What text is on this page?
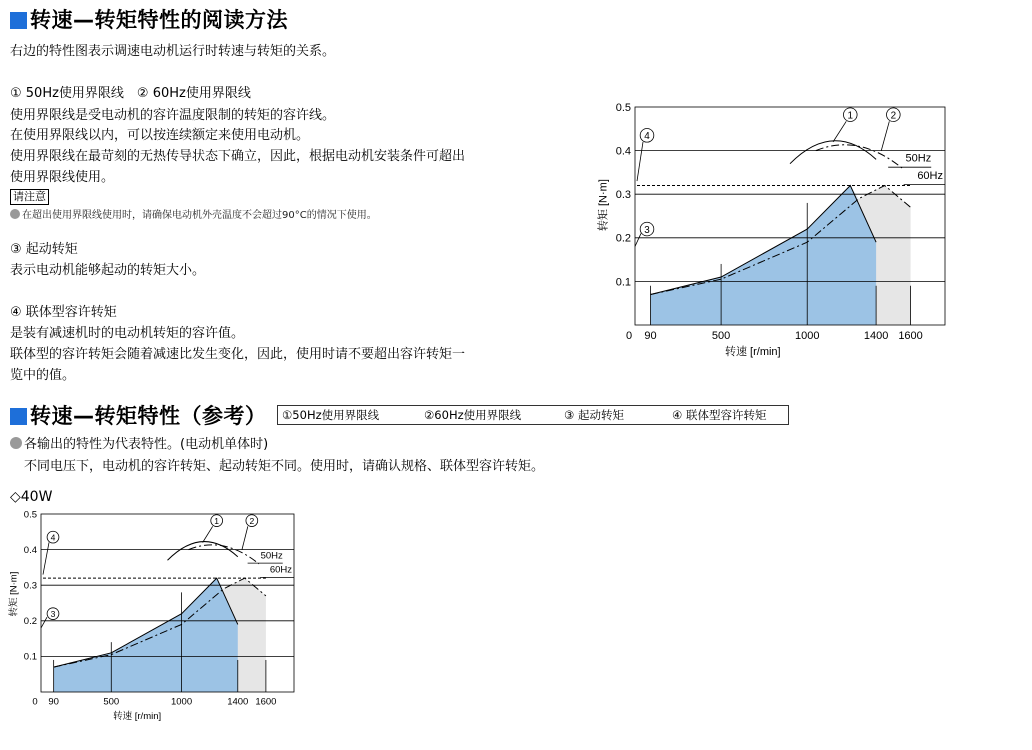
转速—转矩特性的阅读方法
右边的特性图表示调速电动机运行时转速与转矩的关系。
① 50Hz使用界限线　② 60Hz使用界限线
使用界限线是受电动机的容许温度限制的转矩的容许线。
在使用界限线以内，可以按连续额定来使用电动机。
使用界限线在最苛刻的无热传导状态下确立，因此，根据电动机安装条件可超出
使用界限线使用。
请注意
在超出使用界限线使用时，请确保电动机外壳温度不会超过90°C的情况下使用。
③ 起动转矩
表示电动机能够起动的转矩大小。
④ 联体型容许转矩
是装有减速机时的电动机转矩的容许值。
联体型的容许转矩会随着减速比发生变化，因此，使用时请不要超出容许转矩一
览中的值。
转速—转矩特性（参考） ①50Hz使用界限线	②60Hz使用界限线	③ 起动转矩	④ 联体型容许转矩
各输出的特性为代表特性。(电动机单体时)
不同电压下，电动机的容许转矩、起动转矩不同。使用时，请确认规格、联体型容许转矩。
◇40W
0.1
0.2
0.3
0.4
0.5
0 90	500	1000	1400 1600
转速 [r/min]
转矩 [N·m]
1	2
3
4
50Hz
60Hz
0.1
0.2
0.3
0.4
0.5
0 90	500	1000	1400 1600
转速 [r/min]
转矩 [N·m]
1	2
3
4
50Hz
60Hz
